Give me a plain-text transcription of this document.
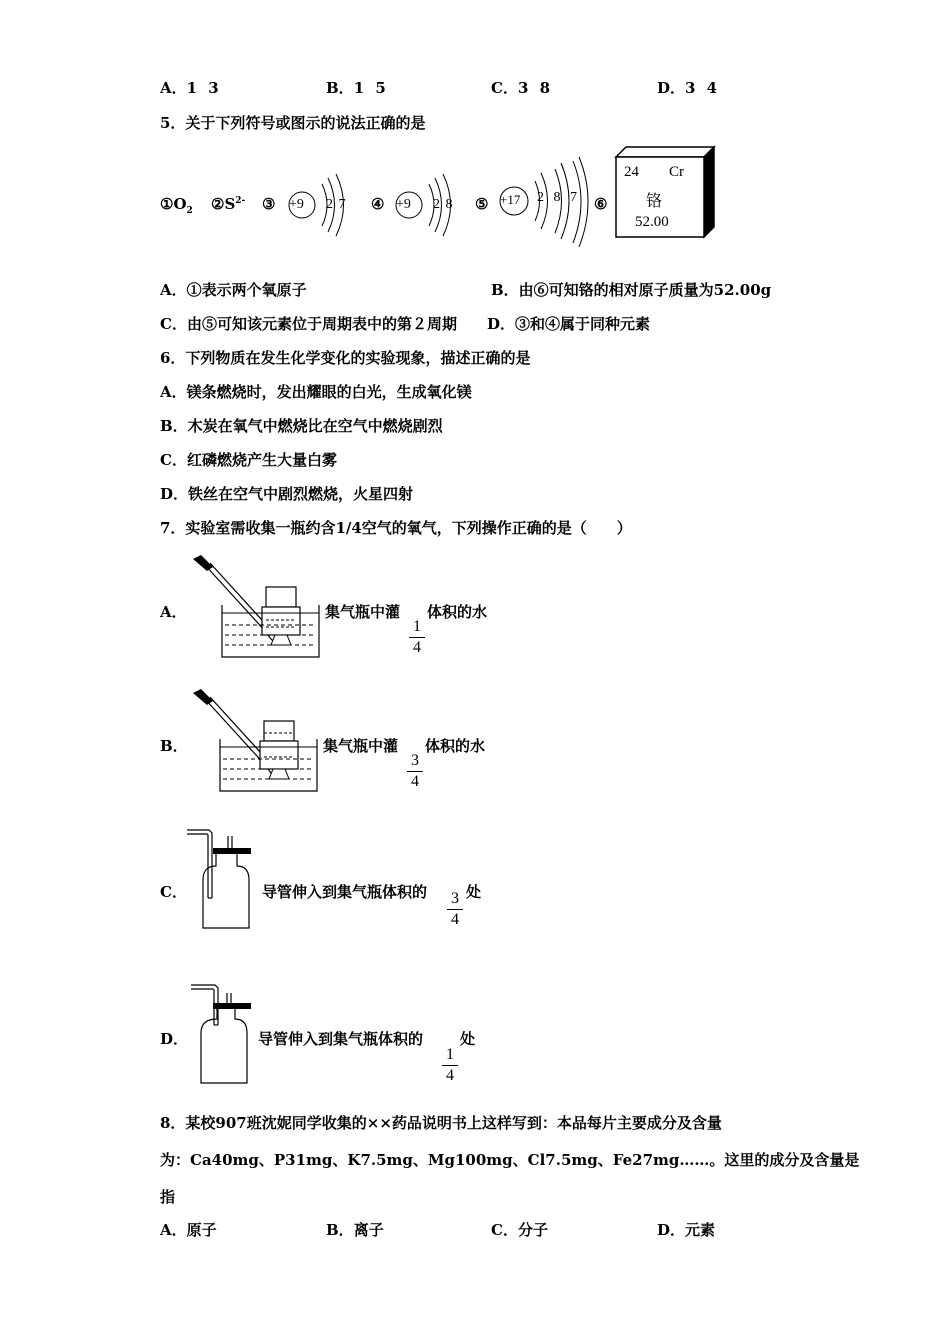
A．1 3	B．1 5	C．3 8	D．3 4
5．关于下列符号或图示的说法正确的是
$①O_2$ $②S^{2-}$ ③	④	⑤	⑥
+9 2 7	+9 2 8	+17 2 8 7
24 Cr
铬
52.00
A．①表示两个氧原子	B．由⑥可知铬的相对原子质量为52.00g
C．由⑤可知该元素位于周期表中的第２周期 D．③和④属于同种元素
6．下列物质在发生化学变化的实验现象，描述正确的是
A．镁条燃烧时，发出耀眼的白光，生成氧化镁
B．木炭在氧气中燃烧比在空气中燃烧剧烈
C．红磷燃烧产生大量白雾
D．铁丝在空气中剧烈燃烧，火星四射
7．实验室需收集一瓶约含1/4空气的氧气，下列操作正确的是（　　）
A．	集气瓶中灌 体积的水
1
4
B．	集气瓶中灌 体积的水
3
4
C．	导管伸入到集气瓶体积的	处
3
4
D．	导管伸入到集气瓶体积的 处
1
4
8．某校907班沈妮同学收集的××药品说明书上这样写到：本品每片主要成分及含量
为：Ca40mg、P31mg、K7.5mg、Mg100mg、Cl7.5mg、Fe27mg……。这里的成分及含量是
指
A．原子	B．离子	C．分子	D．元素
